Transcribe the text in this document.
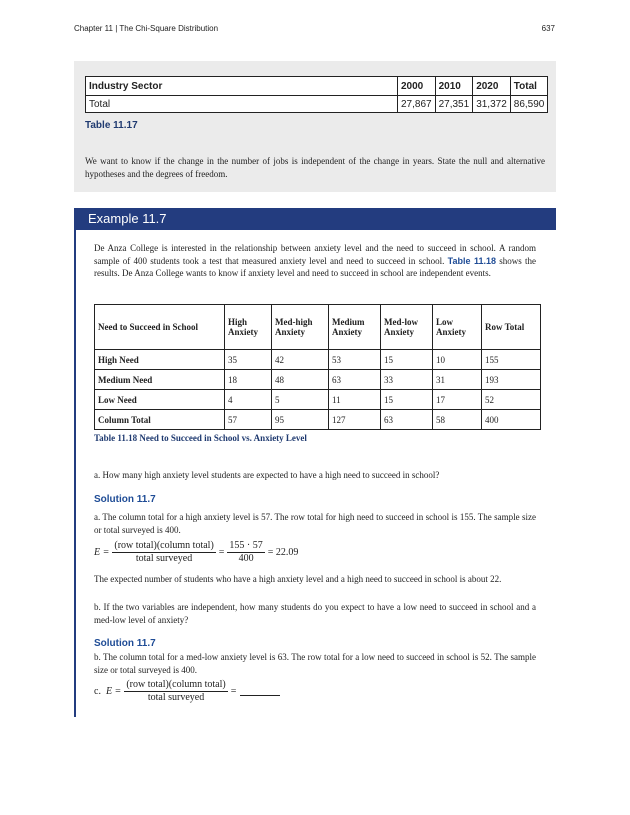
Chapter 11 | The Chi-Square Distribution	637
Industry Sector	2000	2010	2020	Total
Total	27,867	27,351	31,372	86,590
Table 11.17
We want to know if the change in the number of jobs is independent of the change in years. State the null and alternative hypotheses and the degrees of freedom.
Example 11.7
De Anza College is interested in the relationship between anxiety level and the need to succeed in school. A random sample of 400 students took a test that measured anxiety level and need to succeed in school. Table 11.18 shows the results. De Anza College wants to know if anxiety level and need to succeed in school are independent events.
Need to Succeed in School	High Anxiety	Med-high Anxiety	Medium Anxiety	Med-low Anxiety	Low Anxiety	Row Total
High Need	35	42	53	15	10	155
Medium Need	18	48	63	33	31	193
Low Need	4	5	11	15	17	52
Column Total	57	95	127	63	58	400
Table 11.18 Need to Succeed in School vs. Anxiety Level
a. How many high anxiety level students are expected to have a high need to succeed in school?
Solution 11.7
a. The column total for a high anxiety level is 57. The row total for high need to succeed in school is 155. The sample size or total surveyed is 400.
$E = \frac{\text{(row total)(column total)}}{\text{total surveyed}} = \frac{155 \cdot 57}{400} = 22.09$
The expected number of students who have a high anxiety level and a high need to succeed in school is about 22.
b. If the two variables are independent, how many students do you expect to have a low need to succeed in school and a med-low level of anxiety?
Solution 11.7
b. The column total for a med-low anxiety level is 63. The row total for a low need to succeed in school is 52. The sample size or total surveyed is 400.
c. $E = \frac{\text{(row total)(column total)}}{\text{total surveyed}}$ =
